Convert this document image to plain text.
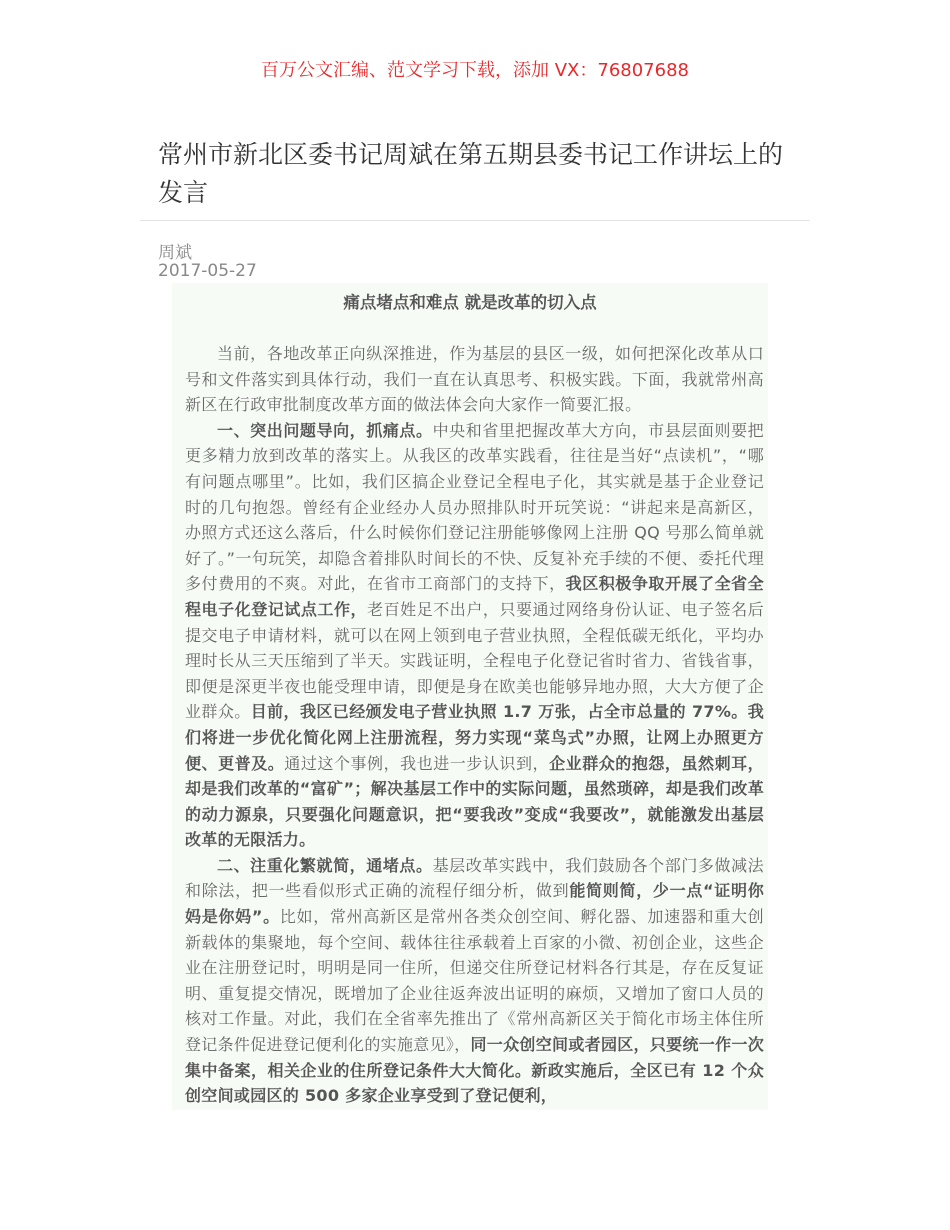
百万公文汇编、范文学习下载，添加 VX：76807688
常州市新北区委书记周斌在第五期县委书记工作讲坛上的发言
周斌
2017-05-27
痛点堵点和难点 就是改革的切入点

当前，各地改革正向纵深推进，作为基层的县区一级，如何把深化改革从口号和文件落实到具体行动，我们一直在认真思考、积极实践。下面，我就常州高新区在行政审批制度改革方面的做法体会向大家作一简要汇报。

一、突出问题导向，抓痛点。中央和省里把握改革大方向，市县层面则要把更多精力放到改革的落实上。从我区的改革实践看，往往是当好“点读机”，“哪有问题点哪里”。比如，我们区搞企业登记全程电子化，其实就是基于企业登记时的几句抱怨。曾经有企业经办人员办照排队时开玩笑说：“讲起来是高新区，办照方式还这么落后，什么时候你们登记注册能够像网上注册 QQ 号那么简单就好了。”一句玩笑，却隐含着排队时间长的不快、反复补充手续的不便、委托代理多付费用的不爽。对此，在省市工商部门的支持下，我区积极争取开展了全省全程电子化登记试点工作，老百姓足不出户，只要通过网络身份认证、电子签名后提交电子申请材料，就可以在网上领到电子营业执照，全程低碳无纸化，平均办理时长从三天压缩到了半天。实践证明，全程电子化登记省时省力、省钱省事，即便是深更半夜也能受理申请，即便是身在欧美也能够异地办照，大大方便了企业群众。目前，我区已经颁发电子营业执照 1.7 万张，占全市总量的 77%。我们将进一步优化简化网上注册流程，努力实现“菜鸟式”办照，让网上办照更方便、更普及。通过这个事例，我也进一步认识到，企业群众的抱怨，虽然刺耳，却是我们改革的“富矿”；解决基层工作中的实际问题，虽然琐碎，却是我们改革的动力源泉，只要强化问题意识，把“要我改”变成“我要改”，就能激发出基层改革的无限活力。

二、注重化繁就简，通堵点。基层改革实践中，我们鼓励各个部门多做减法和除法，把一些看似形式正确的流程仔细分析，做到能简则简，少一点“证明你妈是你妈”。比如，常州高新区是常州各类众创空间、孵化器、加速器和重大创新载体的集聚地，每个空间、载体往往承载着上百家的小微、初创企业，这些企业在注册登记时，明明是同一住所，但递交住所登记材料各行其是，存在反复证明、重复提交情况，既增加了企业往返奔波出证明的麻烦，又增加了窗口人员的核对工作量。对此，我们在全省率先推出了《常州高新区关于简化市场主体住所登记条件促进登记便利化的实施意见》，同一众创空间或者园区，只要统一作一次集中备案，相关企业的住所登记条件大大简化。新政实施后，全区已有 12 个众创空间或园区的 500 多家企业享受到了登记便利，
